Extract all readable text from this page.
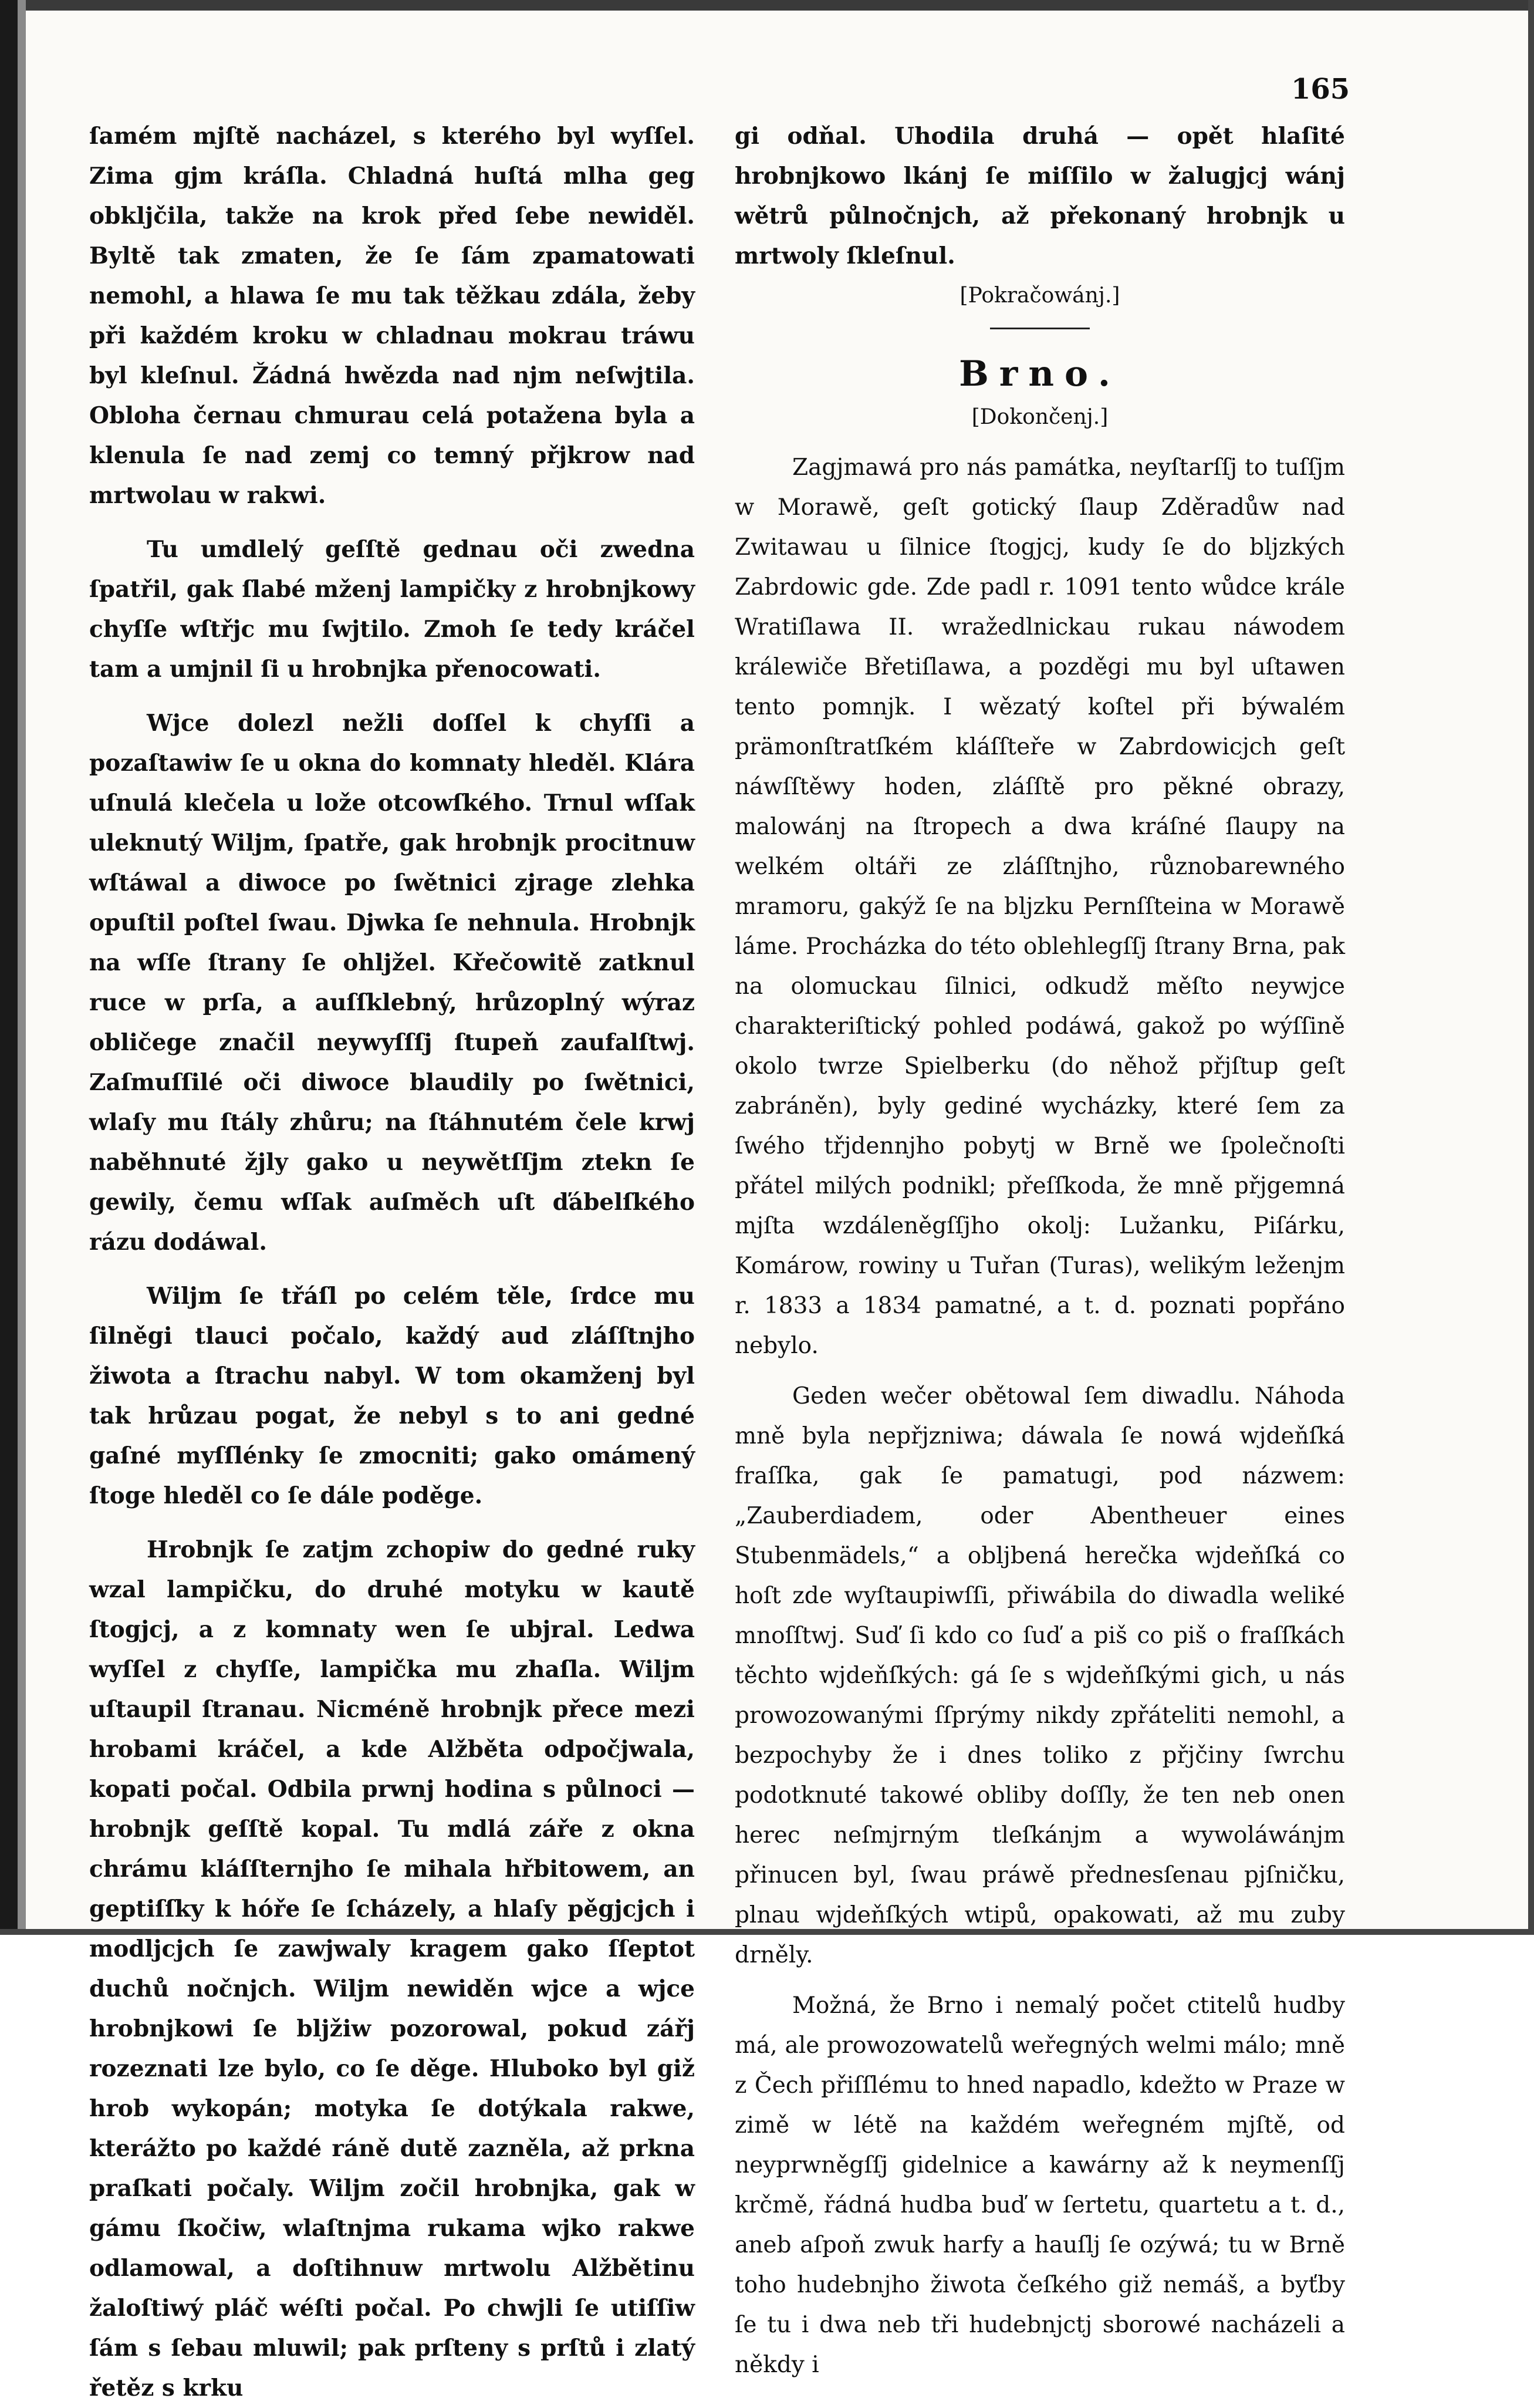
165

ſamém mjſtě nacházel, s kterého byl wyſſel. Zima gjm kráſla. Chladná huſtá mlha geg obkljčila, takže na krok před ſebe newiděl. Byltě tak zmaten, že ſe ſám zpamatowati nemohl, a hlawa ſe mu tak těžkau zdála, žeby při každém kroku w chladnau mokrau tráwu byl kleſnul. Žádná hwězda nad njm neſwjtila. Obloha černau chmurau celá potažena byla a klenula ſe nad zemj co temný přjkrow nad mrtwolau w rakwi.

Tu umdlelý geſſtě gednau oči zwedna ſpatřil, gak ſlabé mženj lampičky z hrobnjkowy chyſſe wſtřjc mu ſwjtilo. Zmoh ſe tedy kráčel tam a umjnil ſi u hrobnjka přenocowati.

Wjce dolezl nežli doſſel k chyſſi a pozaſtawiw ſe u okna do komnaty hleděl. Klára uſnulá klečela u lože otcowſkého. Trnul wſſak uleknutý Wiljm, ſpatře, gak hrobnjk procitnuw wſtáwal a diwoce po ſwětnici zjrage zlehka opuſtil poſtel ſwau. Djwka ſe nehnula. Hrobnjk na wſſe ſtrany ſe ohljžel. Křečowitě zatknul ruce w prſa, a auſſklebný, hrůzoplný wýraz obličege značil neywyſſſj ſtupeň zaufalſtwj. Zaſmuſſilé oči diwoce blaudily po ſwětnici, wlaſy mu ſtály zhůru; na ſtáhnutém čele krwj naběhnuté žjly gako u neywětſſjm ztekn ſe gewily, čemu wſſak auſměch uſt ďábelſkého rázu dodáwal.

Wiljm ſe třáſl po celém těle, ſrdce mu ſilněgi tlauci počalo, každý aud zláſſtnjho žiwota a ſtrachu nabyl. W tom okamženj byl tak hrůzau pogat, že nebyl s to ani gedné gaſné myſſlénky ſe zmocniti; gako omámený ſtoge hleděl co ſe dále poděge.

Hrobnjk ſe zatjm zchopiw do gedné ruky wzal lampičku, do druhé motyku w kautě ſtogjcj, a z komnaty wen ſe ubjral. Ledwa wyſſel z chyſſe, lampička mu zhaſla. Wiljm uſtaupil ſtranau. Nicméně hrobnjk přece mezi hrobami kráčel, a kde Alžběta odpočjwala, kopati počal. Odbila prwnj hodina s půlnoci — hrobnjk geſſtě kopal. Tu mdlá záře z okna chrámu kláſſternjho ſe mihala hřbitowem, an geptiſſky k hóře ſe ſcházely, a hlaſy pěgjcjch i modljcjch ſe zawjwaly kragem gako ſſeptot duchů nočnjch. Wiljm newiděn wjce a wjce hrobnjkowi ſe bljžiw pozorowal, pokud zářj rozeznati lze bylo, co ſe děge. Hluboko byl giž hrob wykopán; motyka ſe dotýkala rakwe, kterážto po každé ráně dutě zazněla, až prkna praſkati počaly. Wiljm zočil hrobnjka, gak w gámu ſkočiw, wlaſtnjma rukama wjko rakwe odlamowal, a doſtihnuw mrtwolu Alžbětinu žaloſtiwý pláč wéſti počal. Po chwjli ſe utiſſiw ſám s ſebau mluwil; pak prſteny s prſtů i zlatý řetěz s krku

gi odňal. Uhodila druhá — opět hlaſité hrobnjkowo lkánj ſe miſſilo w žalugjcj wánj wětrů půlnočnjch, až překonaný hrobnjk u mrtwoly ſkleſnul.

[Pokračowánj.]

Brno.

[Dokončenj.]

Zagjmawá pro nás památka, neyſtarſſj to tuſſjm w Morawě, geſt gotický ſlaup Zděradůw nad Zwitawau u ſilnice ſtogjcj, kudy ſe do bljzkých Zabrdowic gde. Zde padl r. 1091 tento wůdce krále Wratiſlawa II. wražedlnickau rukau náwodem králewiče Břetiſlawa, a pozděgi mu byl uſtawen tento pomnjk. I wězatý koſtel při býwalém prämonſtratſkém kláſſteře w Zabrdowicjch geſt náwſſtěwy hoden, zláſſtě pro pěkné obrazy, malowánj na ſtropech a dwa kráſné ſlaupy na welkém oltáři ze zláſſtnjho, různobarewného mramoru, gakýž ſe na bljzku Pernſſteina w Morawě láme. Procházka do této oblehlegſſj ſtrany Brna, pak na olomuckau ſilnici, odkudž měſto neywjce charakteriſtický pohled podáwá, gakož po wýſſině okolo twrze Spielberku (do něhož přjſtup geſt zabráněn), byly gediné wycházky, které ſem za ſwého třjdennjho pobytj w Brně we ſpolečnoſti přátel milých podnikl; přeſſkoda, že mně přjgemná mjſta wzdáleněgſſjho okolj: Lužanku, Piſárku, Komárow, rowiny u Tuřan (Turas), welikým leženjm r. 1833 a 1834 pamatné, a t. d. poznati popřáno nebylo.

Geden wečer obětowal ſem diwadlu. Náhoda mně byla nepřjzniwa; dáwala ſe nowá wjdeňſká fraſſka, gak ſe pamatugi, pod názwem: „Zauberdiadem, oder Abentheuer eines Stubenmädels,“ a obljbená herečka wjdeňſká co hoſt zde wyſtaupiwſſi, přiwábila do diwadla weliké mnoſſtwj. Suď ſi kdo co ſuď a piš co piš o fraſſkách těchto wjdeňſkých: gá ſe s wjdeňſkými gich, u nás prowozowanými ſſprýmy nikdy zpřáteliti nemohl, a bezpochyby že i dnes toliko z přjčiny ſwrchu podotknuté takowé obliby doſſly, že ten neb onen herec neſmjrným tleſkánjm a wywoláwánjm přinucen byl, ſwau práwě přednesſenau pjſničku, plnau wjdeňſkých wtipů, opakowati, až mu zuby drněly.

Možná, že Brno i nemalý počet ctitelů hudby má, ale prowozowatelů weřegných welmi málo; mně z Čech přiſſlému to hned napadlo, kdežto w Praze w zimě w létě na každém weřegném mjſtě, od neyprwněgſſj gidelnice a kawárny až k neymenſſj krčmě, řádná hudba buď w ſertetu, quartetu a t. d., aneb aſpoň zwuk harfy a hauſlj ſe ozýwá; tu w Brně toho hudebnjho žiwota čeſkého giž nemáš, a byťby ſe tu i dwa neb tři hudebnjctj sborowé nacházeli a někdy i
